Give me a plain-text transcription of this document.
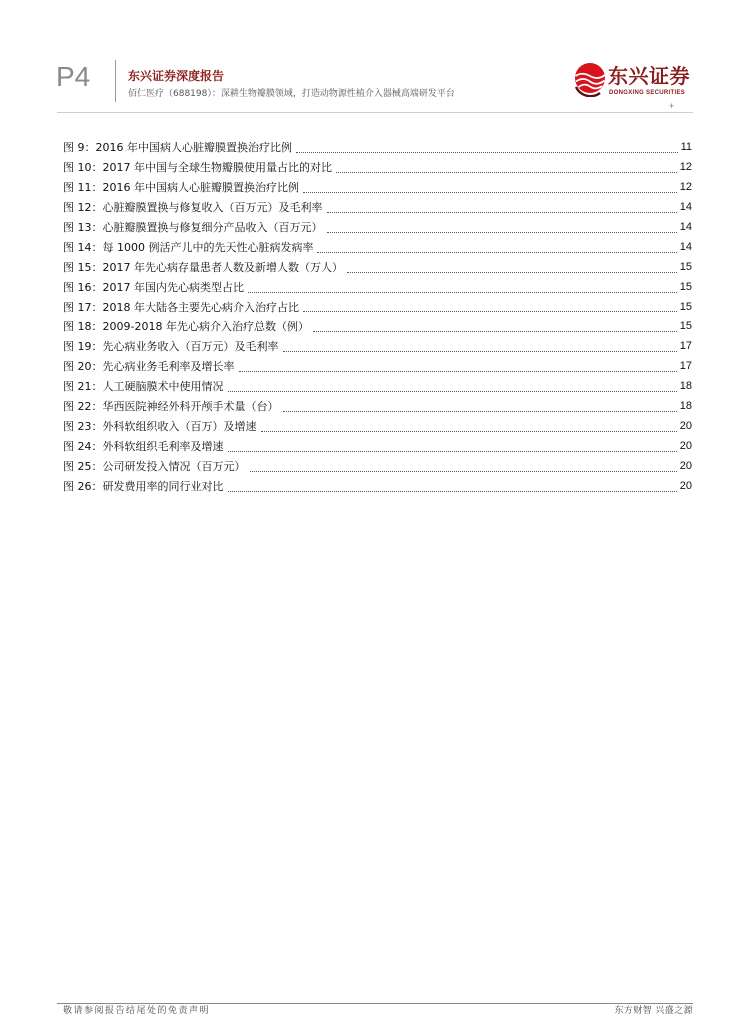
P4	东兴证券深度报告
佰仁医疗（688198）：深耕生物瓣膜领域，打造动物源性植介入器械高端研发平台
东兴证券
DONGXING SECURITIES
+
图 9：2016 年中国病人心脏瓣膜置换治疗比例	11
图 10：2017 年中国与全球生物瓣膜使用量占比的对比	12
图 11：2016 年中国病人心脏瓣膜置换治疗比例	12
图 12：心脏瓣膜置换与修复收入（百万元）及毛利率	14
图 13：心脏瓣膜置换与修复细分产品收入（百万元）	14
图 14：每 1000 例活产儿中的先天性心脏病发病率	14
图 15：2017 年先心病存量患者人数及新增人数（万人）	15
图 16：2017 年国内先心病类型占比	15
图 17：2018 年大陆各主要先心病介入治疗占比	15
图 18：2009-2018 年先心病介入治疗总数（例）	15
图 19：先心病业务收入（百万元）及毛利率	17
图 20：先心病业务毛利率及增长率	17
图 21：人工硬脑膜术中使用情况	18
图 22：华西医院神经外科开颅手术量（台）	18
图 23：外科软组织收入（百万）及增速	20
图 24：外科软组织毛利率及增速	20
图 25：公司研发投入情况（百万元）	20
图 26：研发费用率的同行业对比	20
敬请参阅报告结尾处的免责声明	东方财智 兴盛之源
